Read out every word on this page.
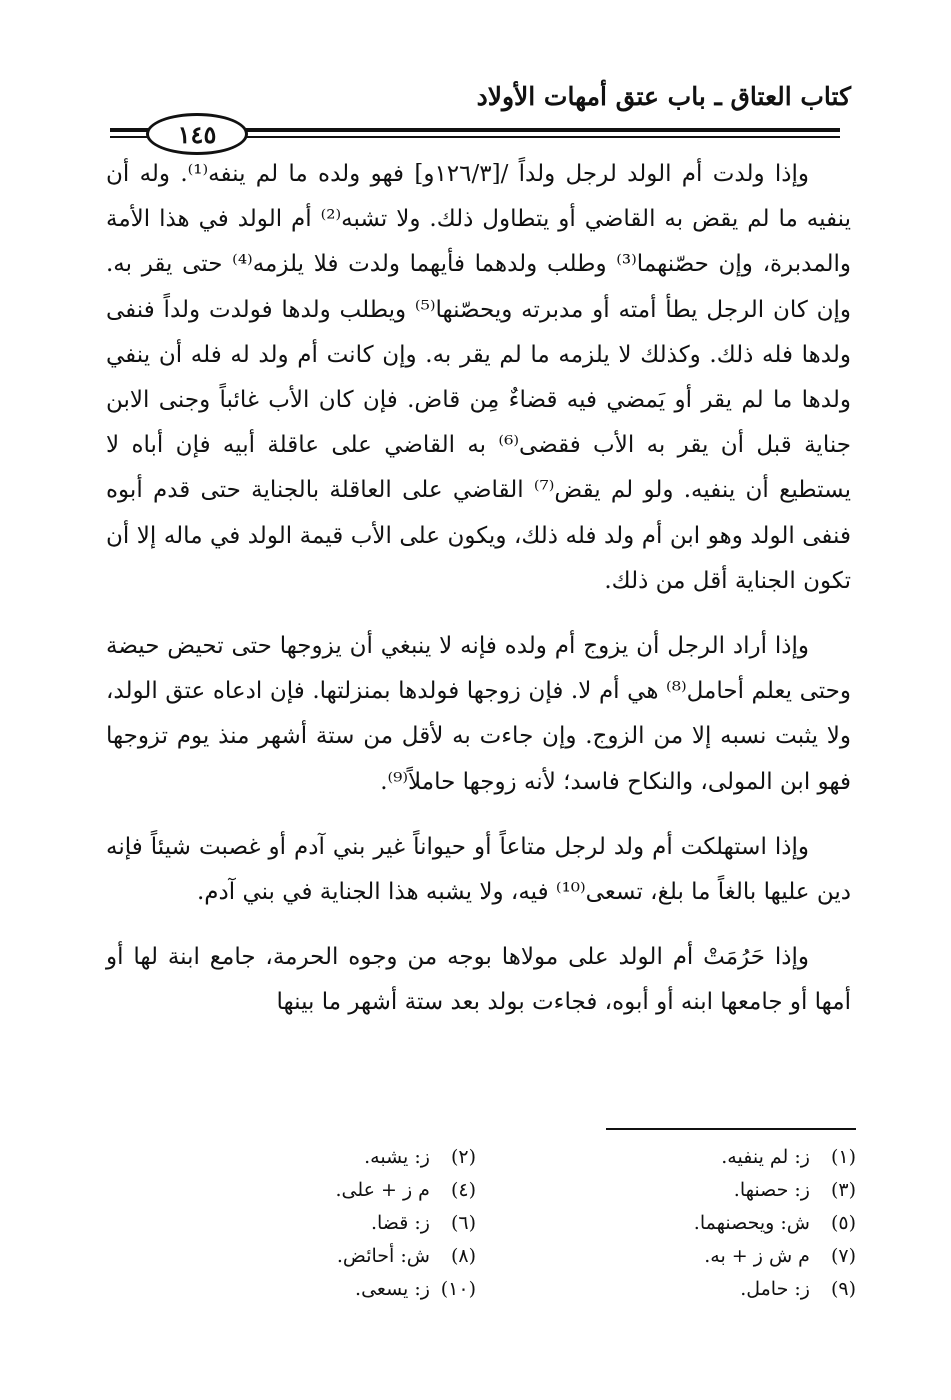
كتاب العتاق ـ باب عتق أمهات الأولاد
١٤٥

وإذا ولدت أم الولد لرجل ولداً /[١٢٦/٣و] فهو ولده ما لم ينفه⁽¹⁾. وله أن ينفيه ما لم يقض به القاضي أو يتطاول ذلك. ولا تشبه⁽²⁾ أم الولد في هذا الأمة والمدبرة، وإن حصّنهما⁽³⁾ وطلب ولدهما فأيهما ولدت فلا يلزمه⁽⁴⁾ حتى يقر به. وإن كان الرجل يطأ أمته أو مدبرته ويحصّنها⁽⁵⁾ ويطلب ولدها فولدت ولداً فنفى ولدها فله ذلك. وكذلك لا يلزمه ما لم يقر به. وإن كانت أم ولد له فله أن ينفي ولدها ما لم يقر أو يَمضي فيه قضاءٌ مِن قاض. فإن كان الأب غائباً وجنى الابن جناية قبل أن يقر به الأب فقضى⁽⁶⁾ به القاضي على عاقلة أبيه فإن أباه لا يستطيع أن ينفيه. ولو لم يقض⁽⁷⁾ القاضي على العاقلة بالجناية حتى قدم أبوه فنفى الولد وهو ابن أم ولد فله ذلك، ويكون على الأب قيمة الولد في ماله إلا أن تكون الجناية أقل من ذلك.

وإذا أراد الرجل أن يزوج أم ولده فإنه لا ينبغي أن يزوجها حتى تحيض حيضة وحتى يعلم أحامل⁽⁸⁾ هي أم لا. فإن زوجها فولدها بمنزلتها. فإن ادعاه عتق الولد، ولا يثبت نسبه إلا من الزوج. وإن جاءت به لأقل من ستة أشهر منذ يوم تزوجها فهو ابن المولى، والنكاح فاسد؛ لأنه زوجها حاملاً⁽⁹⁾.

وإذا استهلكت أم ولد لرجل متاعاً أو حيواناً غير بني آدم أو غصبت شيئاً فإنه دين عليها بالغاً ما بلغ، تسعى⁽¹⁰⁾ فيه، ولا يشبه هذا الجناية في بني آدم.

وإذا حَرُمَتْ أم الولد على مولاها بوجه من وجوه الحرمة، جامع ابنة لها أو أمها أو جامعها ابنه أو أبوه، فجاءت بولد بعد ستة أشهر ما بينها

(١) ز: لم ينفيه.
(٢) ز: يشبه.
(٣) ز: حصنها.
(٤) م ز + على.
(٥) ش: ويحصنهما.
(٦) ز: قضا.
(٧) م ش ز + به.
(٨) ش: أحائض.
(٩) ز: حامل.
(١٠) ز: يسعى.
